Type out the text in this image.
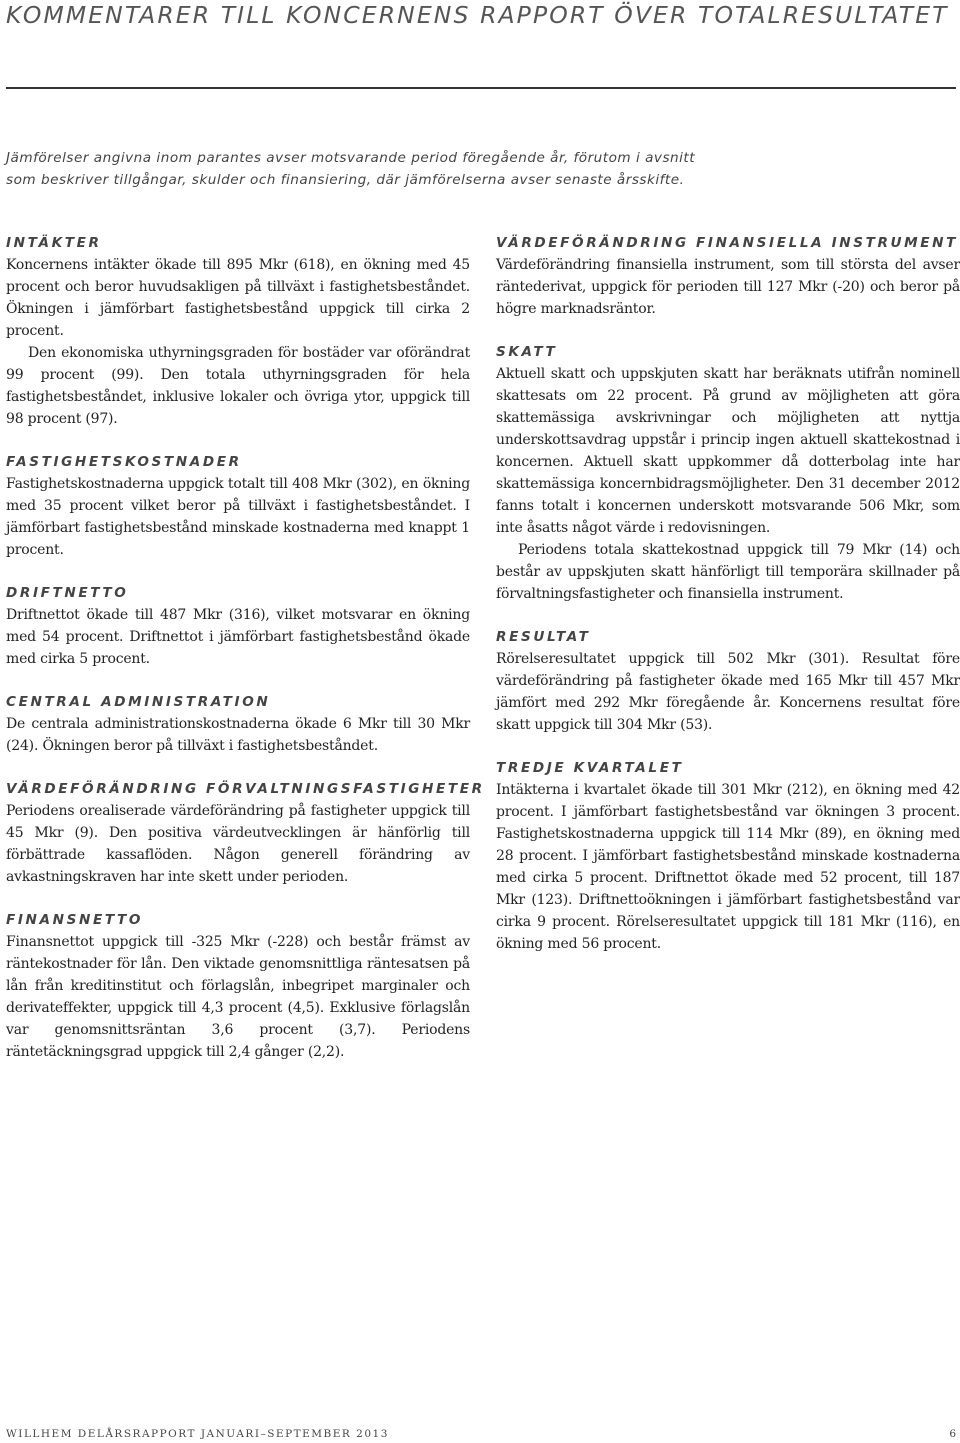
KOMMENTARER TILL KONCERNENS RAPPORT ÖVER TOTALRESULTATET

Jämförelser angivna inom parantes avser motsvarande period föregående år, förutom i avsnitt

som beskriver tillgångar, skulder och finansiering, där jämförelserna avser senaste årsskifte.

INTÄKTER

Koncernens intäkter ökade till 895 Mkr (618), en ökning med 45 procent och beror huvudsakligen på tillväxt i fastighetsbeståndet. Ökningen i jämförbart fastighetsbestånd uppgick till cirka 2 procent.

Den ekonomiska uthyrningsgraden för bostäder var oförändrat 99 procent (99). Den totala uthyrningsgraden för hela fastighetsbeståndet, inklusive lokaler och övriga ytor, uppgick till 98 procent (97).

FASTIGHETSKOSTNADER

Fastighetskostnaderna uppgick totalt till 408 Mkr (302), en ökning med 35 procent vilket beror på tillväxt i fastighetsbeståndet. I jämförbart fastighetsbestånd minskade kostnaderna med knappt 1 procent.

DRIFTNETTO

Driftnettot ökade till 487 Mkr (316), vilket motsvarar en ökning med 54 procent. Driftnettot i jämförbart fastighetsbestånd ökade med cirka 5 procent.

CENTRAL ADMINISTRATION

De centrala administrationskostnaderna ökade 6 Mkr till 30 Mkr (24). Ökningen beror på tillväxt i fastighetsbeståndet.

VÄRDEFÖRÄNDRING FÖRVALTNINGSFASTIGHETER

Periodens orealiserade värdeförändring på fastigheter uppgick till 45 Mkr (9). Den positiva värdeutvecklingen är hänförlig till förbättrade kassaflöden. Någon generell förändring av avkastningskraven har inte skett under perioden.

FINANSNETTO

Finansnettot uppgick till -325 Mkr (-228) och består främst av räntekostnader för lån. Den viktade genomsnittliga räntesatsen på lån från kreditinstitut och förlagslån, inbegripet marginaler och derivateffekter, uppgick till 4,3 procent (4,5). Exklusive förlagslån var genomsnittsräntan 3,6 procent (3,7). Periodens räntetäckningsgrad uppgick till 2,4 gånger (2,2).

VÄRDEFÖRÄNDRING FINANSIELLA INSTRUMENT

Värdeförändring finansiella instrument, som till största del avser räntederivat, uppgick för perioden till 127 Mkr (-20) och beror på högre marknadsräntor.

SKATT

Aktuell skatt och uppskjuten skatt har beräknats utifrån nominell skattesats om 22 procent. På grund av möjligheten att göra skattemässiga avskrivningar och möjligheten att nyttja underskottsavdrag uppstår i princip ingen aktuell skattekostnad i koncernen. Aktuell skatt uppkommer då dotterbolag inte har skattemässiga koncernbidragsmöjligheter. Den 31 december 2012 fanns totalt i koncernen underskott motsvarande 506 Mkr, som inte åsatts något värde i redovisningen.

Periodens totala skattekostnad uppgick till 79 Mkr (14) och består av uppskjuten skatt hänförligt till temporära skillnader på förvaltningsfastigheter och finansiella instrument.

RESULTAT

Rörelseresultatet uppgick till 502 Mkr (301). Resultat före värdeförändring på fastigheter ökade med 165 Mkr till 457 Mkr jämfört med 292 Mkr föregående år. Koncernens resultat före skatt uppgick till 304 Mkr (53).

TREDJE KVARTALET

Intäkterna i kvartalet ökade till 301 Mkr (212), en ökning med 42 procent. I jämförbart fastighetsbestånd var ökningen 3 procent. Fastighetskostnaderna uppgick till 114 Mkr (89), en ökning med 28 procent. I jämförbart fastighetsbestånd minskade kostnaderna med cirka 5 procent. Driftnettot ökade med 52 procent, till 187 Mkr (123). Driftnettoökningen i jämförbart fastighetsbestånd var cirka 9 procent. Rörelseresultatet uppgick till 181 Mkr (116), en ökning med 56 procent.

WILLHEM DELÅRSRAPPORT JANUARI–SEPTEMBER 2013	6
